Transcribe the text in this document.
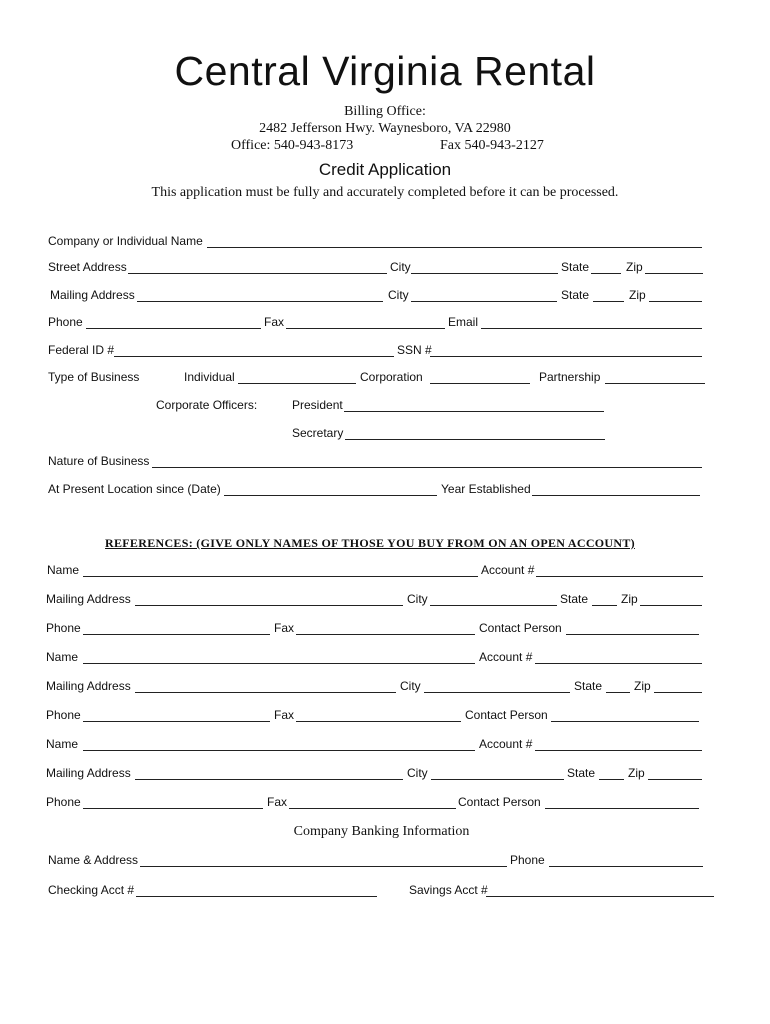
Central Virginia Rental
Billing Office:
2482 Jefferson Hwy. Waynesboro, VA 22980
Office: 540-943-8173	Fax 540-943-2127
Credit Application
This application must be fully and accurately completed before it can be processed.
Company or Individual Name
Street Address	City	State	Zip
Mailing Address	City	State	Zip
Phone	Fax	Email
Federal ID #	SSN #
Type of Business	Individual	Corporation	Partnership
Corporate Officers:	President
Secretary
Nature of Business
At Present Location since (Date)	Year Established
REFERENCES: (GIVE ONLY NAMES OF THOSE YOU BUY FROM ON AN OPEN ACCOUNT)
Name	Account #
Mailing Address	City	State	Zip
Phone	Fax	Contact Person
Name	Account #
Mailing Address	City	State	Zip
Phone	Fax	Contact Person
Name	Account #
Mailing Address	City	State	Zip
Phone	Fax	Contact Person
Company Banking Information
Name & Address	Phone
Checking Acct #	Savings Acct #
